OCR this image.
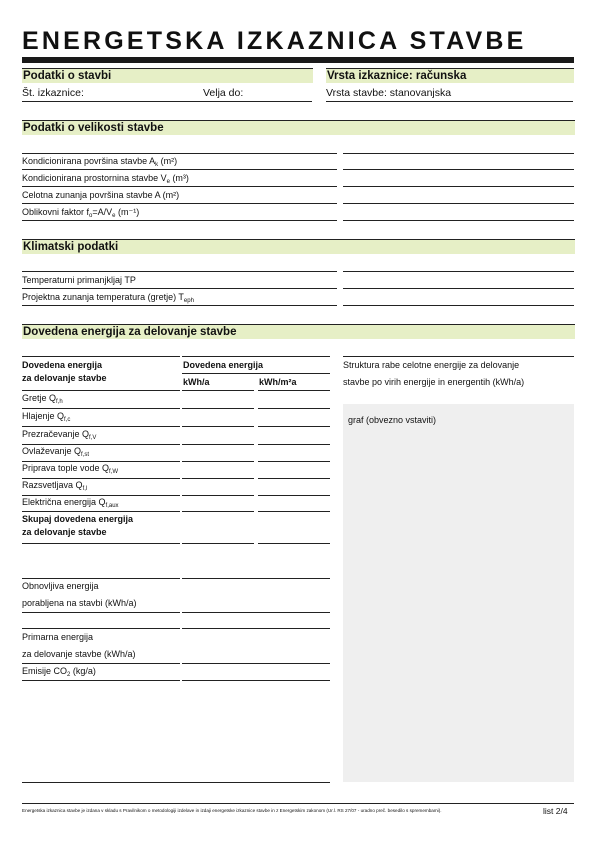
ENERGETSKA IZKAZNICA STAVBE
Podatki o stavbi	Vrsta izkaznice: računska
Št. izkaznice:	Velja do:	Vrsta stavbe: stanovanjska
Podatki o velikosti stavbe
Kondicionirana površina stavbe $A_k$ (m²)
Kondicionirana prostornina stavbe $V_e$ (m³)
Celotna zunanja površina stavbe A (m²)
Oblikovni faktor $f_o=A/V_e$ (m⁻¹)
Klimatski podatki
Temperaturni primanjkljaj TP
Projektna zunanja temperatura (gretje) $T_{eph}$
Dovedena energija za delovanje stavbe
Dovedena energija
za delovanje stavbe
Dovedena energija
kWh/a	kWh/m²a
Struktura rabe celotne energije za delovanje
stavbe po virih energije in energentih (kWh/a)
graf (obvezno vstaviti)
Gretje $Q_{f,h}$
Hlajenje $Q_{f,c}$
Prezračevanje $Q_{f,V}$
Ovlaževanje $Q_{f,st}$
Priprava tople vode $Q_{f,W}$
Razsvetljava $Q_{f,l}$
Električna energija $Q_{f,aux}$
Skupaj dovedena energija
za delovanje stavbe
Obnovljiva energija
porabljena na stavbi (kWh/a)
Primarna energija
za delovanje stavbe (kWh/a)
Emisije $CO_2$ (kg/a)
Energetska izkaznica stavbe je izdana v skladu s Pravilnikom o metodologiji izdelave in izdaji energetske izkaznice stavbe in z Energetskim zakonom (Ur.l. RS 27/07 - uradno preč. besedilo s spremembami).	list 2/4
